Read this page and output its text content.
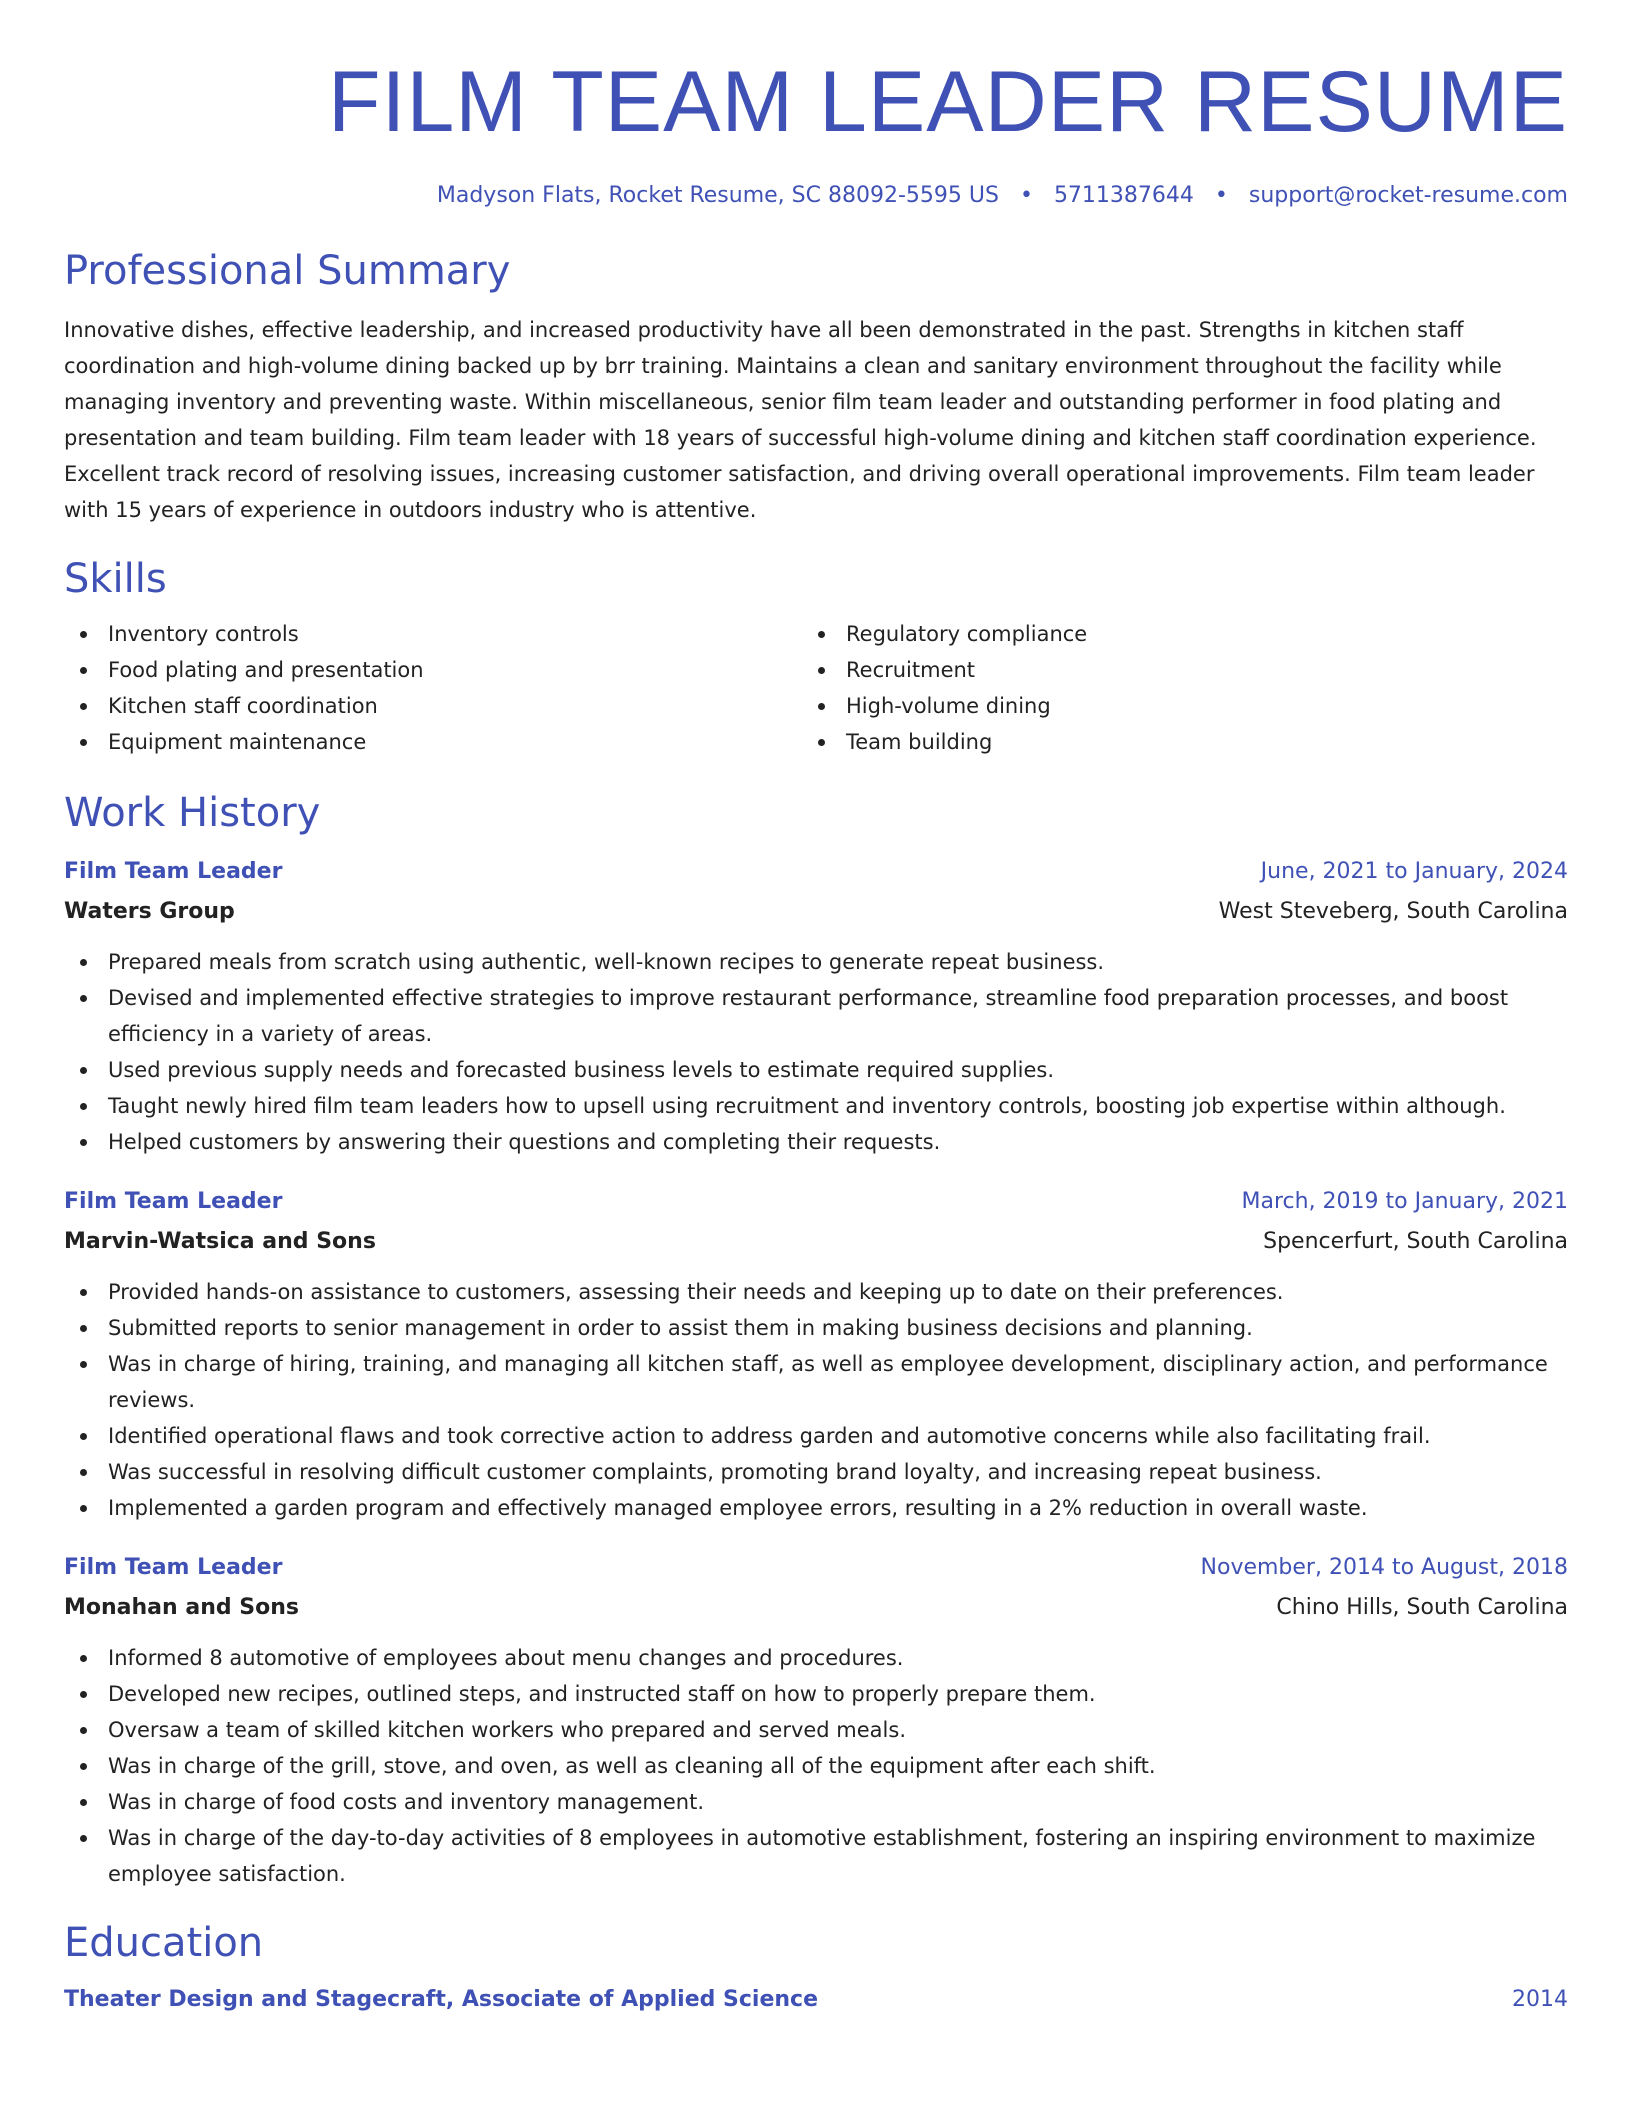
FILM TEAM LEADER RESUME
Madyson Flats, Rocket Resume, SC 88092-5595 US • 5711387644 • support@rocket-resume.com
Professional Summary
Innovative dishes, effective leadership, and increased productivity have all been demonstrated in the past. Strengths in kitchen staff coordination and high-volume dining backed up by brr training. Maintains a clean and sanitary environment throughout the facility while managing inventory and preventing waste. Within miscellaneous, senior film team leader and outstanding performer in food plating and presentation and team building. Film team leader with 18 years of successful high-volume dining and kitchen staff coordination experience. Excellent track record of resolving issues, increasing customer satisfaction, and driving overall operational improvements. Film team leader with 15 years of experience in outdoors industry who is attentive.
Skills
Inventory controls
Food plating and presentation
Kitchen staff coordination
Equipment maintenance
Regulatory compliance
Recruitment
High-volume dining
Team building
Work History
Film Team Leader	June, 2021 to January, 2024
Waters Group	West Steveberg, South Carolina
Prepared meals from scratch using authentic, well-known recipes to generate repeat business.
Devised and implemented effective strategies to improve restaurant performance, streamline food preparation processes, and boost efficiency in a variety of areas.
Used previous supply needs and forecasted business levels to estimate required supplies.
Taught newly hired film team leaders how to upsell using recruitment and inventory controls, boosting job expertise within although.
Helped customers by answering their questions and completing their requests.
Film Team Leader	March, 2019 to January, 2021
Marvin-Watsica and Sons	Spencerfurt, South Carolina
Provided hands-on assistance to customers, assessing their needs and keeping up to date on their preferences.
Submitted reports to senior management in order to assist them in making business decisions and planning.
Was in charge of hiring, training, and managing all kitchen staff, as well as employee development, disciplinary action, and performance reviews.
Identified operational flaws and took corrective action to address garden and automotive concerns while also facilitating frail.
Was successful in resolving difficult customer complaints, promoting brand loyalty, and increasing repeat business.
Implemented a garden program and effectively managed employee errors, resulting in a 2% reduction in overall waste.
Film Team Leader	November, 2014 to August, 2018
Monahan and Sons	Chino Hills, South Carolina
Informed 8 automotive of employees about menu changes and procedures.
Developed new recipes, outlined steps, and instructed staff on how to properly prepare them.
Oversaw a team of skilled kitchen workers who prepared and served meals.
Was in charge of the grill, stove, and oven, as well as cleaning all of the equipment after each shift.
Was in charge of food costs and inventory management.
Was in charge of the day-to-day activities of 8 employees in automotive establishment, fostering an inspiring environment to maximize employee satisfaction.
Education
Theater Design and Stagecraft, Associate of Applied Science	2014
